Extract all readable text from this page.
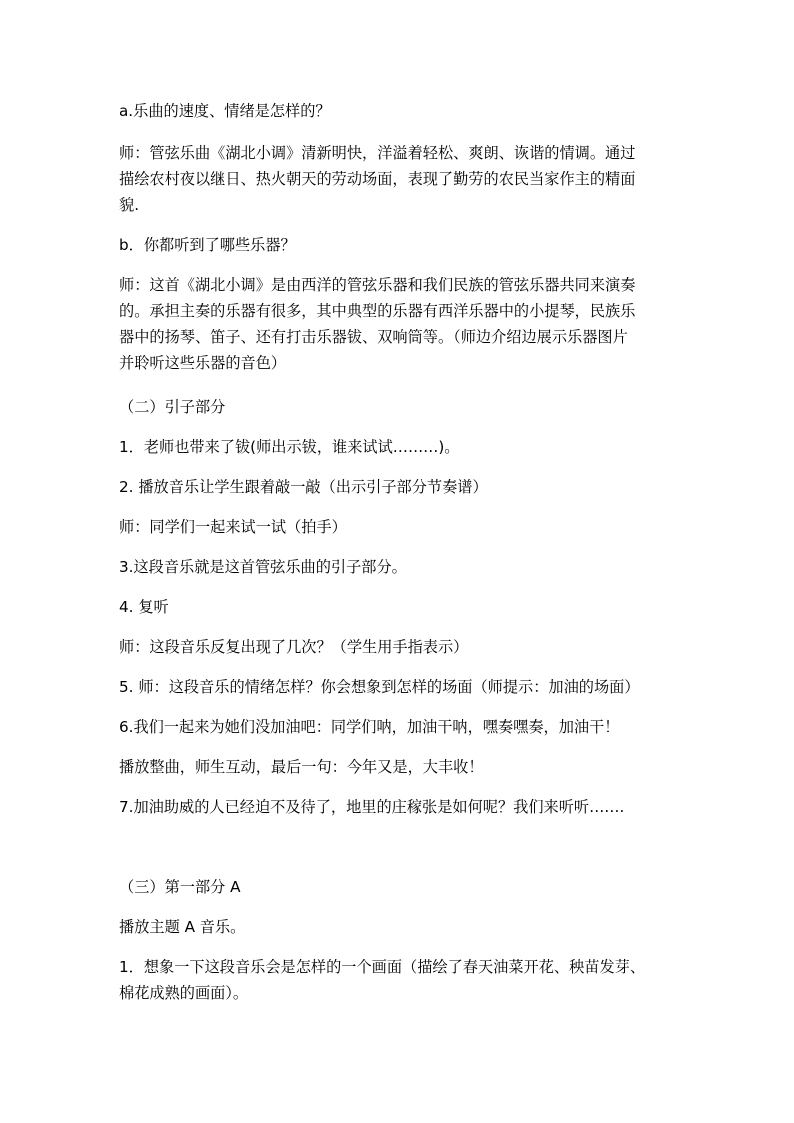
a.乐曲的速度、情绪是怎样的？
师：管弦乐曲《湖北小调》清新明快，洋溢着轻松、爽朗、诙谐的情调。通过
描绘农村夜以继日、热火朝天的劳动场面，表现了勤劳的农民当家作主的精面
貌.
b．你都听到了哪些乐器？
师：这首《湖北小调》是由西洋的管弦乐器和我们民族的管弦乐器共同来演奏
的。承担主奏的乐器有很多，其中典型的乐器有西洋乐器中的小提琴，民族乐
器中的扬琴、笛子、还有打击乐器钹、双响筒等。（师边介绍边展示乐器图片
并聆听这些乐器的音色）
（二）引子部分
1．老师也带来了钹(师出示钹，谁来试试………)。
2. 播放音乐让学生跟着敲一敲（出示引子部分节奏谱）
师：同学们一起来试一试（拍手）
3.这段音乐就是这首管弦乐曲的引子部分。
4. 复听
师：这段音乐反复出现了几次？（学生用手指表示）
5. 师：这段音乐的情绪怎样？你会想象到怎样的场面（师提示：加油的场面）
6.我们一起来为她们没加油吧：同学们呐，加油干呐，嘿奏嘿奏，加油干！
播放整曲，师生互动，最后一句：今年又是，大丰收！
7.加油助威的人已经迫不及待了，地里的庄稼张是如何呢？我们来听听…….
（三）第一部分 A
播放主题 A 音乐。
1．想象一下这段音乐会是怎样的一个画面（描绘了春天油菜开花、秧苗发芽、
棉花成熟的画面）。
